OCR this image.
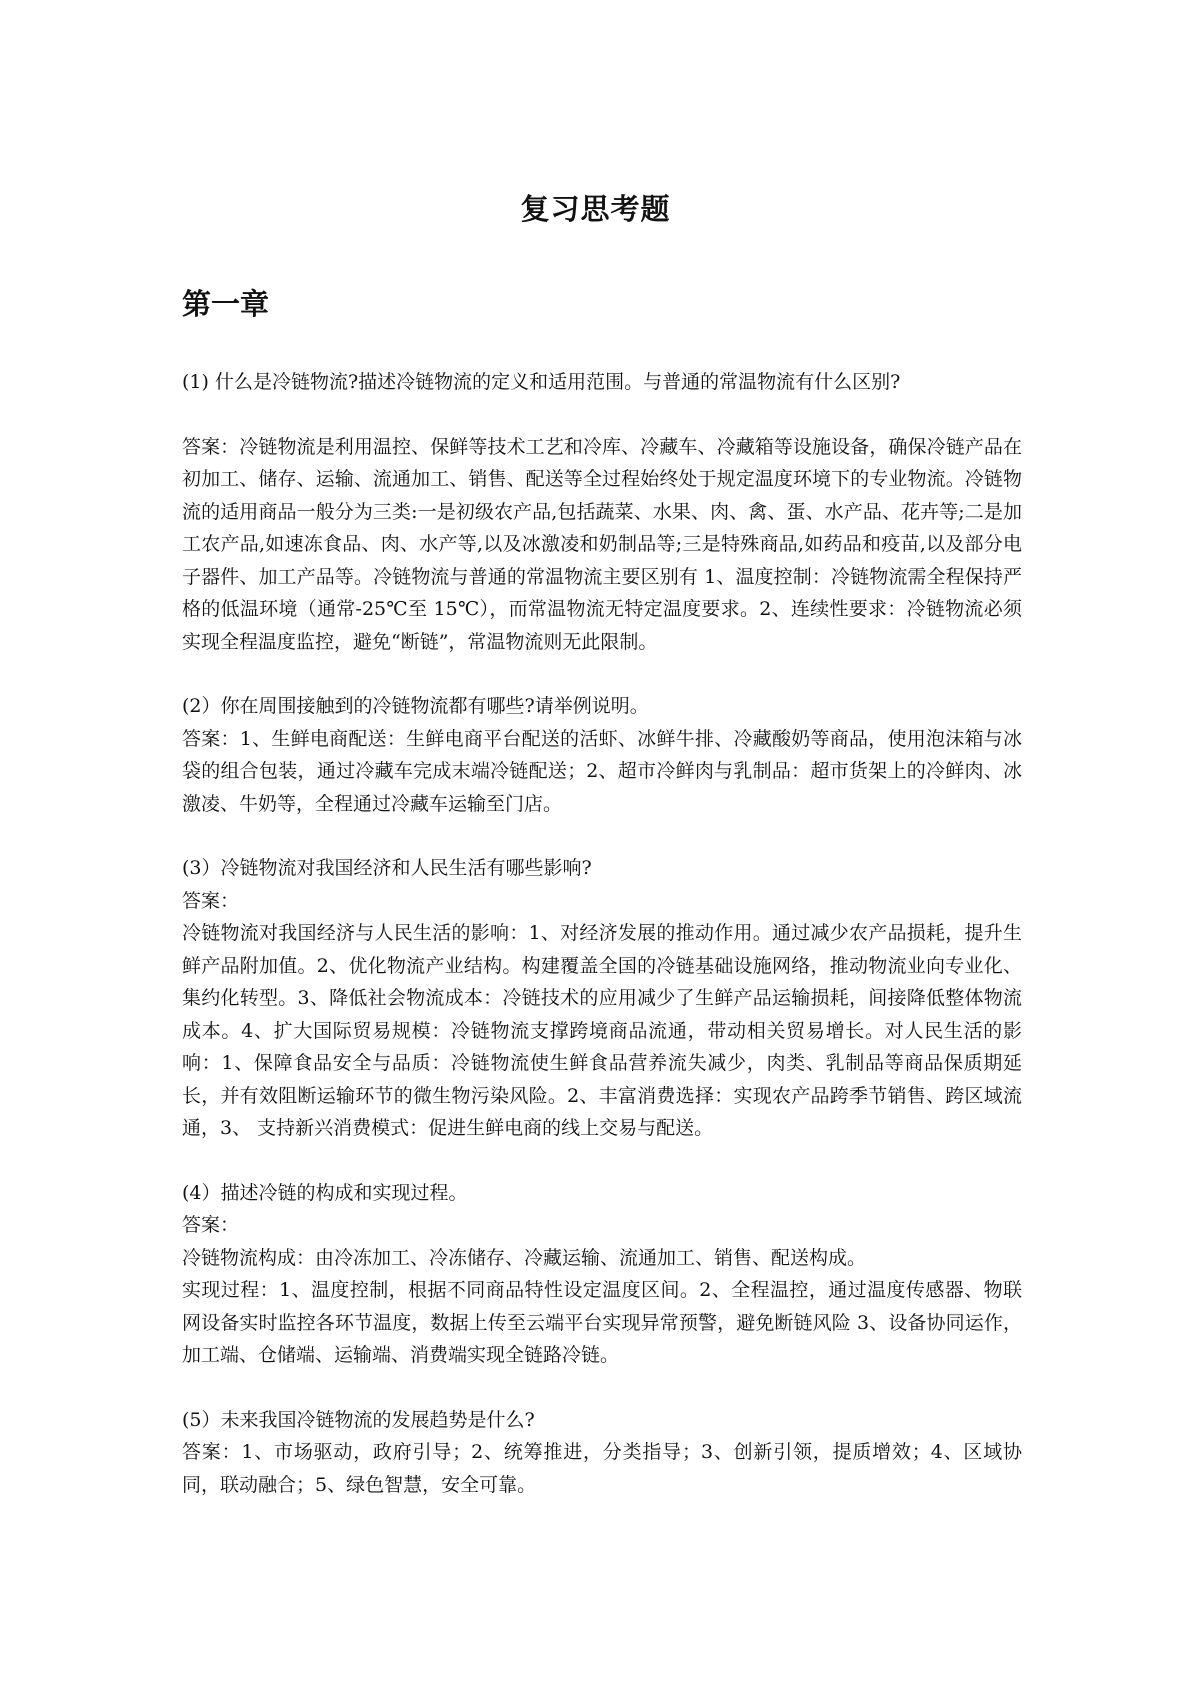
复习思考题
第一章

(1) 什么是冷链物流?描述冷链物流的定义和适用范围。与普通的常温物流有什么区别?

答案：冷链物流是利用温控、保鲜等技术工艺和冷库、冷藏车、冷藏箱等设施设备，确保冷链产品在初加工、储存、运输、流通加工、销售、配送等全过程始终处于规定温度环境下的专业物流。冷链物流的适用商品一般分为三类:一是初级农产品,包括蔬菜、水果、肉、禽、蛋、水产品、花卉等;二是加工农产品,如速冻食品、肉、水产等,以及冰激凌和奶制品等;三是特殊商品,如药品和疫苗,以及部分电子器件、加工产品等。冷链物流与普通的常温物流主要区别有 1、温度控制：冷链物流需全程保持严格的低温环境（通常-25℃至 15℃），而常温物流无特定温度要求。2、连续性要求：冷链物流必须实现全程温度监控，避免“断链”，常温物流则无此限制。

(2）你在周围接触到的冷链物流都有哪些?请举例说明。

答案：1、生鲜电商配送：生鲜电商平台配送的活虾、冰鲜牛排、冷藏酸奶等商品，使用泡沫箱与冰袋的组合包装，通过冷藏车完成末端冷链配送；2、超市冷鲜肉与乳制品：超市货架上的冷鲜肉、冰激凌、牛奶等，全程通过冷藏车运输至门店。

(3）冷链物流对我国经济和人民生活有哪些影响?

答案：

冷链物流对我国经济与人民生活的影响：1、对经济发展的推动作用。通过减少农产品损耗，提升生鲜产品附加值。2、优化物流产业结构。构建覆盖全国的冷链基础设施网络，推动物流业向专业化、集约化转型。3、降低社会物流成本：冷链技术的应用减少了生鲜产品运输损耗，间接降低整体物流成本。4、扩大国际贸易规模：冷链物流支撑跨境商品流通，带动相关贸易增长。对人民生活的影响：1、保障食品安全与品质：冷链物流使生鲜食品营养流失减少，肉类、乳制品等商品保质期延长，并有效阻断运输环节的微生物污染风险。2、丰富消费选择：实现农产品跨季节销售、跨区域流通，3、 支持新兴消费模式：促进生鲜电商的线上交易与配送。

(4）描述冷链的构成和实现过程。

答案：

冷链物流构成：由冷冻加工、冷冻储存、冷藏运输、流通加工、销售、配送构成。

实现过程：1、温度控制，根据不同商品特性设定温度区间。2、全程温控，通过温度传感器、物联网设备实时监控各环节温度，数据上传至云端平台实现异常预警，避免断链风险 3、设备协同运作，加工端、仓储端、运输端、消费端实现全链路冷链。

(5）未来我国冷链物流的发展趋势是什么?

答案：1、市场驱动，政府引导；2、统筹推进，分类指导；3、创新引领，提质增效；4、区域协同，联动融合；5、绿色智慧，安全可靠。
